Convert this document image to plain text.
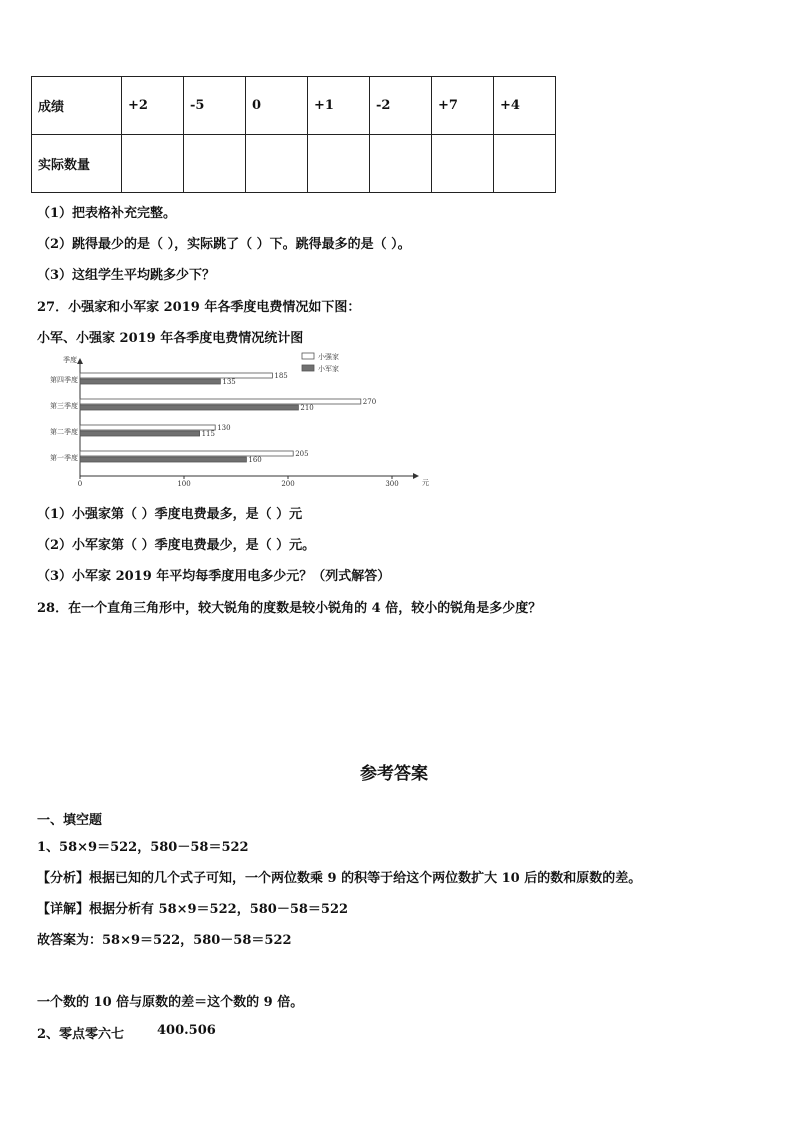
成绩	+2	-5	0	+1	-2	+7	+4
实际数量							
（1）把表格补充完整。
（2）跳得最少的是（ ），实际跳了（ ）下。跳得最多的是（ ）。
（3）这组学生平均跳多少下？
27．小强家和小军家 2019 年各季度电费情况如下图：
小军、小强家 2019 年各季度电费情况统计图
季度
元
0	100	200	300
小强家
小军家
第一季度	205
160
第二季度	130
115
第三季度	270
210
第四季度	185
135
（1）小强家第（ ）季度电费最多，是（ ）元
（2）小军家第（ ）季度电费最少，是（ ）元。
（3）小军家 2019 年平均每季度用电多少元？（列式解答）
28．在一个直角三角形中，较大锐角的度数是较小锐角的 4 倍，较小的锐角是多少度？
参考答案
一、填空题
1、58×9＝522，580－58＝522
【分析】根据已知的几个式子可知，一个两位数乘 9 的积等于给这个两位数扩大 10 后的数和原数的差。
【详解】根据分析有 58×9＝522，580－58＝522
故答案为：58×9＝522，580－58＝522
一个数的 10 倍与原数的差＝这个数的 9 倍。
2、零点零六七	400.506
